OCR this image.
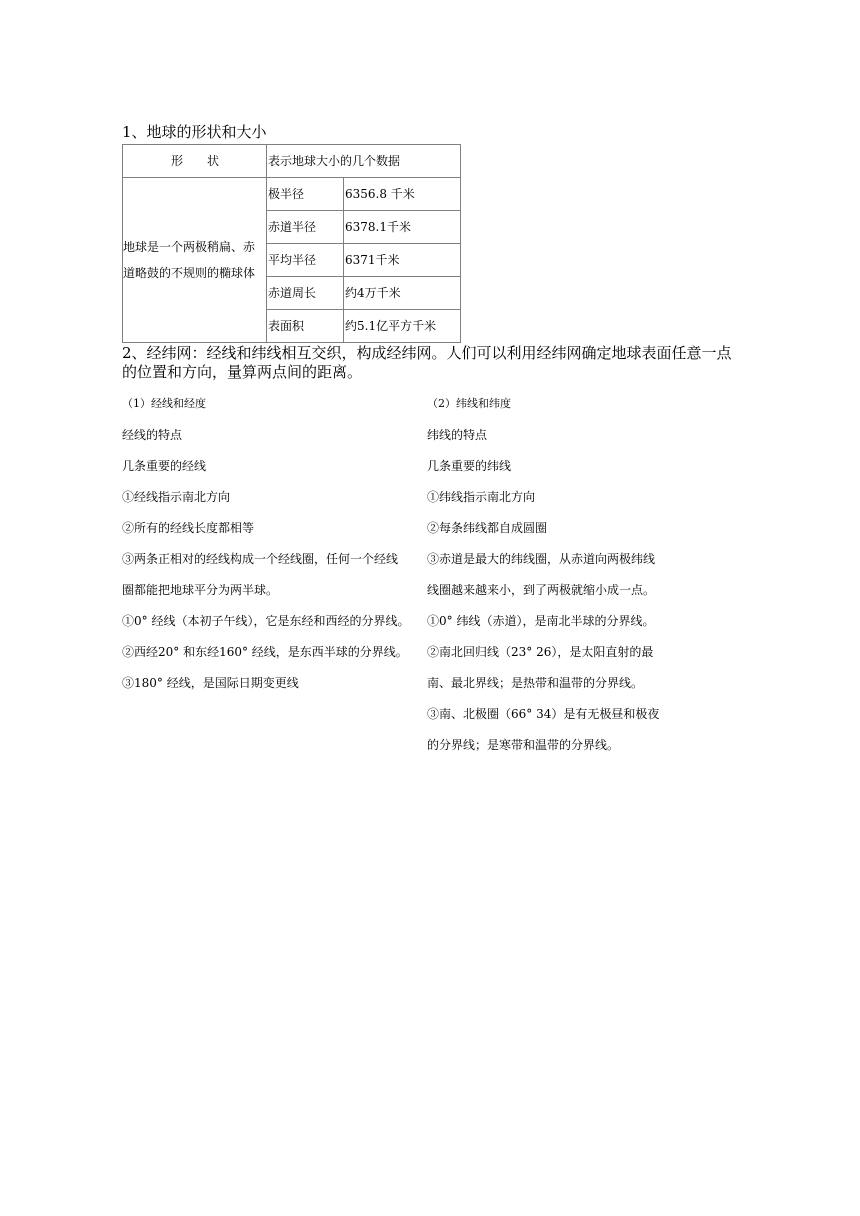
1、地球的形状和大小
形　　状	表示地球大小的几个数据	
地球是一个两极稍扁、赤道略鼓的不规则的椭球体	极半径	6356.8 千米
	赤道半径	6378.1千米
	平均半径	6371千米
	赤道周长	约4万千米
	表面积	约5.1亿平方千米
2、经纬网：经线和纬线相互交织，构成经纬网。人们可以利用经纬网确定地球表面任意一点的位置和方向，量算两点间的距离。
（1）经线和经度
经线的特点
几条重要的经线
①经线指示南北方向
②所有的经线长度都相等
③两条正相对的经线构成一个经线圈，任何一个经线
圈都能把地球平分为两半球。
①0° 经线（本初子午线），它是东经和西经的分界线。
②西经20° 和东经160° 经线，是东西半球的分界线。
③180° 经线，是国际日期变更线
（2）纬线和纬度
纬线的特点
几条重要的纬线
①纬线指示南北方向
②每条纬线都自成圆圈
③赤道是最大的纬线圈，从赤道向两极纬线
线圈越来越来小，到了两极就缩小成一点。
①0° 纬线（赤道），是南北半球的分界线。
②南北回归线（23° 26），是太阳直射的最
南、最北界线；是热带和温带的分界线。
③南、北极圈（66° 34）是有无极昼和极夜
的分界线；是寒带和温带的分界线。
